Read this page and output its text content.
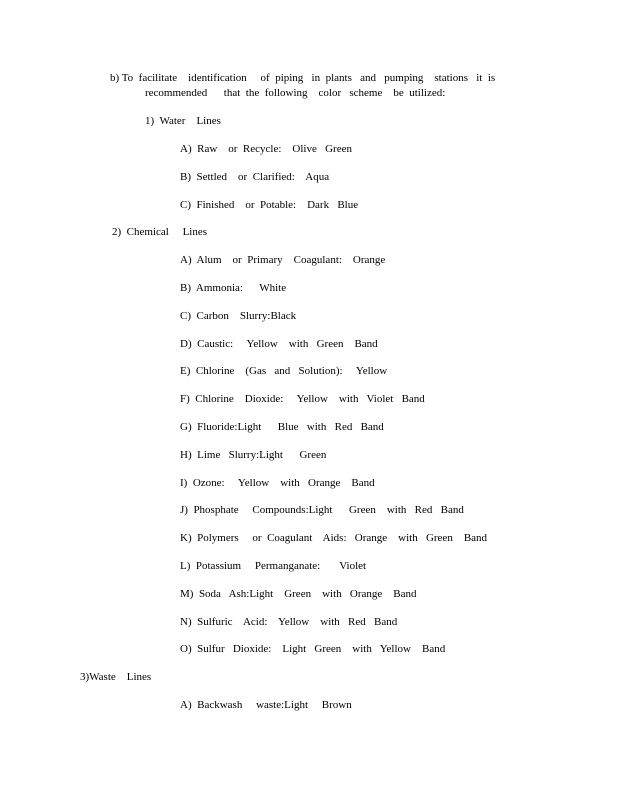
b) To  facilitate    identification     of  piping   in  plants   and   pumping    stations   it  is
recommended      that  the  following    color   scheme    be  utilized:
1)  Water    Lines
A)  Raw    or  Recycle:    Olive   Green
B)  Settled    or  Clarified:    Aqua
C)  Finished    or  Potable:    Dark   Blue
2)  Chemical     Lines
A)  Alum    or  Primary    Coagulant:    Orange
B)  Ammonia:      White
C)  Carbon    Slurry:Black
D)  Caustic:     Yellow    with   Green    Band
E)  Chlorine    (Gas   and   Solution):     Yellow
F)  Chlorine    Dioxide:     Yellow    with   Violet   Band
G)  Fluoride:Light      Blue   with   Red   Band
H)  Lime   Slurry:Light      Green
I)  Ozone:     Yellow    with   Orange    Band
J)  Phosphate     Compounds:Light      Green    with   Red   Band
K)  Polymers     or  Coagulant    Aids:   Orange    with   Green    Band
L)  Potassium     Permanganate:       Violet
M)  Soda   Ash:Light    Green    with   Orange    Band
N)  Sulfuric    Acid:    Yellow    with   Red   Band
O)  Sulfur   Dioxide:    Light   Green    with   Yellow    Band
3)Waste    Lines
A)  Backwash     waste:Light     Brown
